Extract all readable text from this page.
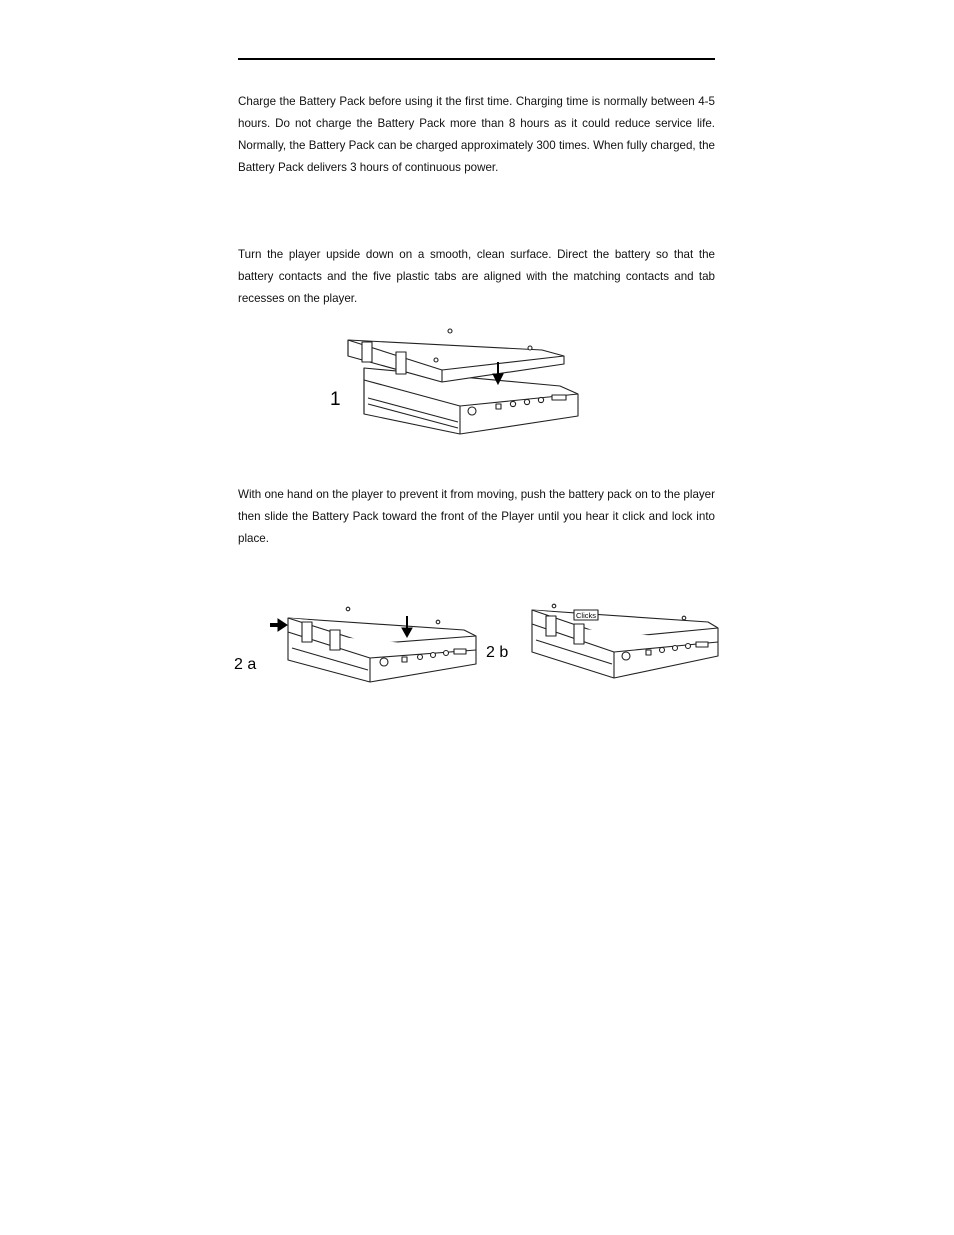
Charge the Battery Pack before using it the first time. Charging time is normally between 4-5 hours. Do not charge the Battery Pack more than 8 hours as it could reduce service life. Normally, the Battery Pack can be charged approximately 300 times. When fully charged, the Battery Pack delivers 3 hours of continuous power.

Turn the player upside down on a smooth, clean surface. Direct the battery so that the battery contacts and the five plastic tabs are aligned with the matching contacts and tab recesses on the player.

1

With one hand on the player to prevent it from moving, push the battery pack on to the player then slide the Battery Pack toward the front of the Player until you hear it click and lock into place.

2 a
Clicks
2 b
